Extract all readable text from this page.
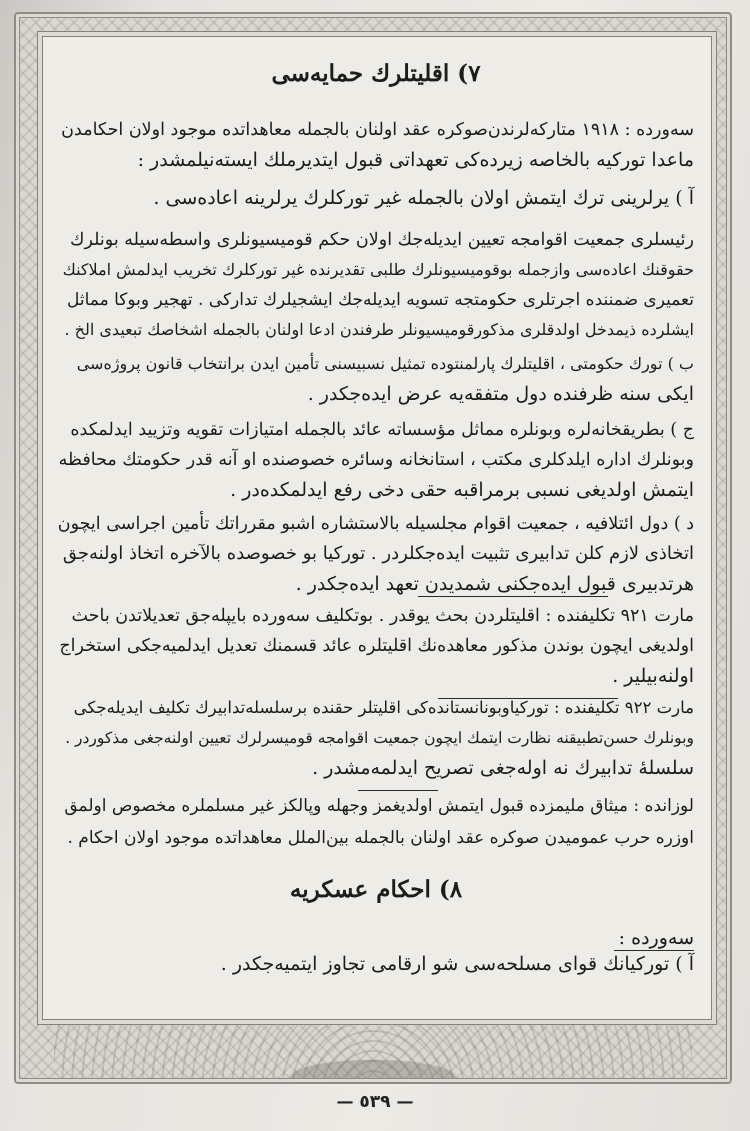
٧) اقلیتلرك حمایه‌سی
سه‌ورده : ١٩١٨ متارکه‌لرندن‌صوکره عقد اولنان بالجمله معاهداتده موجود اولان احکامدن
ماعدا تورکیه بالخاصه زیرده‌کی تعهداتی قبول ایتدیرملك ایسته‌نیلمشدر :
آ ) یرلرینی ترك ایتمش اولان بالجمله غیر تورکلرك یرلرینه اعاده‌سی .
رئیسلری جمعیت اقوامجه تعیین ایدیله‌جك اولان حکم قومیسیونلری واسطه‌سیله بونلرك
حقوقنك اعاده‌سی وازجمله بوقومیسیونلرك طلبی تقدیرنده غیر تورکلرك تخریب ایدلمش املاکنك
تعمیری ضمننده اجرتلری حکومتجه تسویه ایدیله‌جك ایشجیلرك تدارکی . تهجیر وبوکا مماثل
ایشلرده ذیمدخل اولدقلری مذکورقومیسیونلر طرفندن ادعا اولنان بالجمله اشخاصك تبعیدی الخ .
ب ) تورك حکومتی ، اقلیتلرك پارلمنتوده تمثیل نسبیسنی تأمین ایدن برانتخاب قانون پروژه‌سی
ایکی سنه ظرفنده دول متفقه‌یه عرض ایده‌جکدر .
ج ) بطریقخانه‌لره وبونلره مماثل مؤسساته عائد بالجمله امتیازات تقویه وتزیید ایدلمکده
وبونلرك اداره ایلدکلری مکتب ، استانخانه وسائره خصوصنده او آنه قدر حکومتك محافظه
ایتمش اولدیغی نسبی برمراقبه حقی دخی رفع ایدلمکده‌در .
د ) دول ائتلافیه ، جمعیت اقوام مجلسیله بالاستشاره اشبو مقرراتك تأمین اجراسی ایچون
اتخاذی لازم کلن تدابیری تثبیت ایده‌جکلردر . تورکیا بو خصوصده بالآخره اتخاذ اولنه‌جق
هرتدبیری قبول ایده‌جکنی شمدیدن تعهد ایده‌جکدر .
مارت ٩٢١ تکلیفنده : اقلیتلردن بحث یوقدر . بوتکلیف سه‌ورده بایپله‌جق تعدیلاتدن باحث
اولدیغی ایچون بوندن مذکور معاهده‌نك اقلیتلره عائد قسمنك تعدیل ایدلمیه‌جکی استخراج
اولنه‌بیلیر .
مارت ٩٢٢ تکلیفنده : تورکیاوبونانستانده‌کی اقلیتلر حقنده برسلسله‌تدابیرك تکلیف ایدیله‌جکی
وبونلرك حسن‌تطبیقنه نظارت ایتمك ایچون جمعیت اقوامجه قومیسرلرك تعیین اولنه‌جغی مذکوردر .
سلسله‌ٔ تدابیرك نه اوله‌جغی تصریح ایدلمه‌مشدر .
لوزانده : میثاق ملیمزده قبول ایتمش اولدیغمز وجهله وپالکز غیر مسلملره مخصوص اولمق
اوزره حرب عمومیدن صوکره عقد اولنان بالجمله بین‌الملل معاهداتده موجود اولان احکام .
٨) احکام عسکریه
سه‌ورده :
آ ) تورکیانك قوای مسلحه‌سی شو ارقامی تجاوز ایتمیه‌جکدر .
— ٥٣٩ —
